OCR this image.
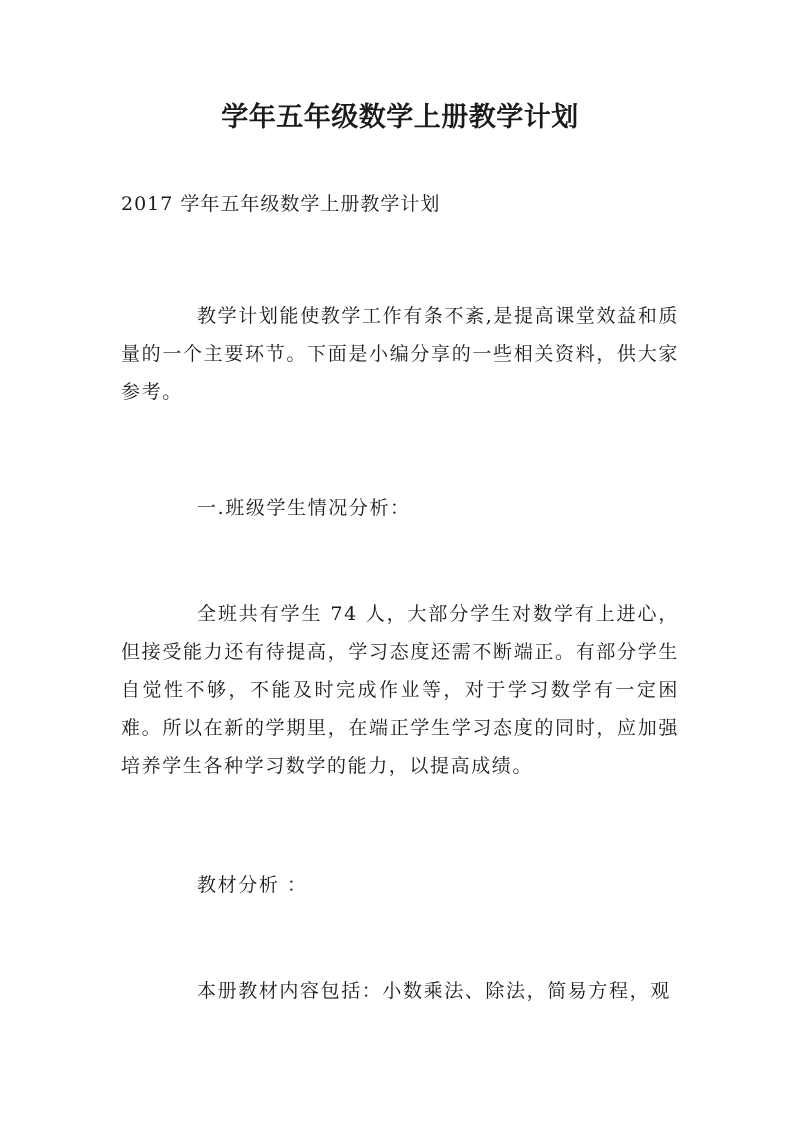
学年五年级数学上册教学计划
2017 学年五年级数学上册教学计划

教学计划能使教学工作有条不紊,是提高课堂效益和质量的一个主要环节。下面是小编分享的一些相关资料，供大家参考。

一.班级学生情况分析：

全班共有学生 74 人，大部分学生对数学有上进心，但接受能力还有待提高，学习态度还需不断端正。有部分学生自觉性不够，不能及时完成作业等，对于学习数学有一定困难。所以在新的学期里，在端正学生学习态度的同时，应加强培养学生各种学习数学的能力，以提高成绩。

教材分析 ：

本册教材内容包括：小数乘法、除法，简易方程，观
